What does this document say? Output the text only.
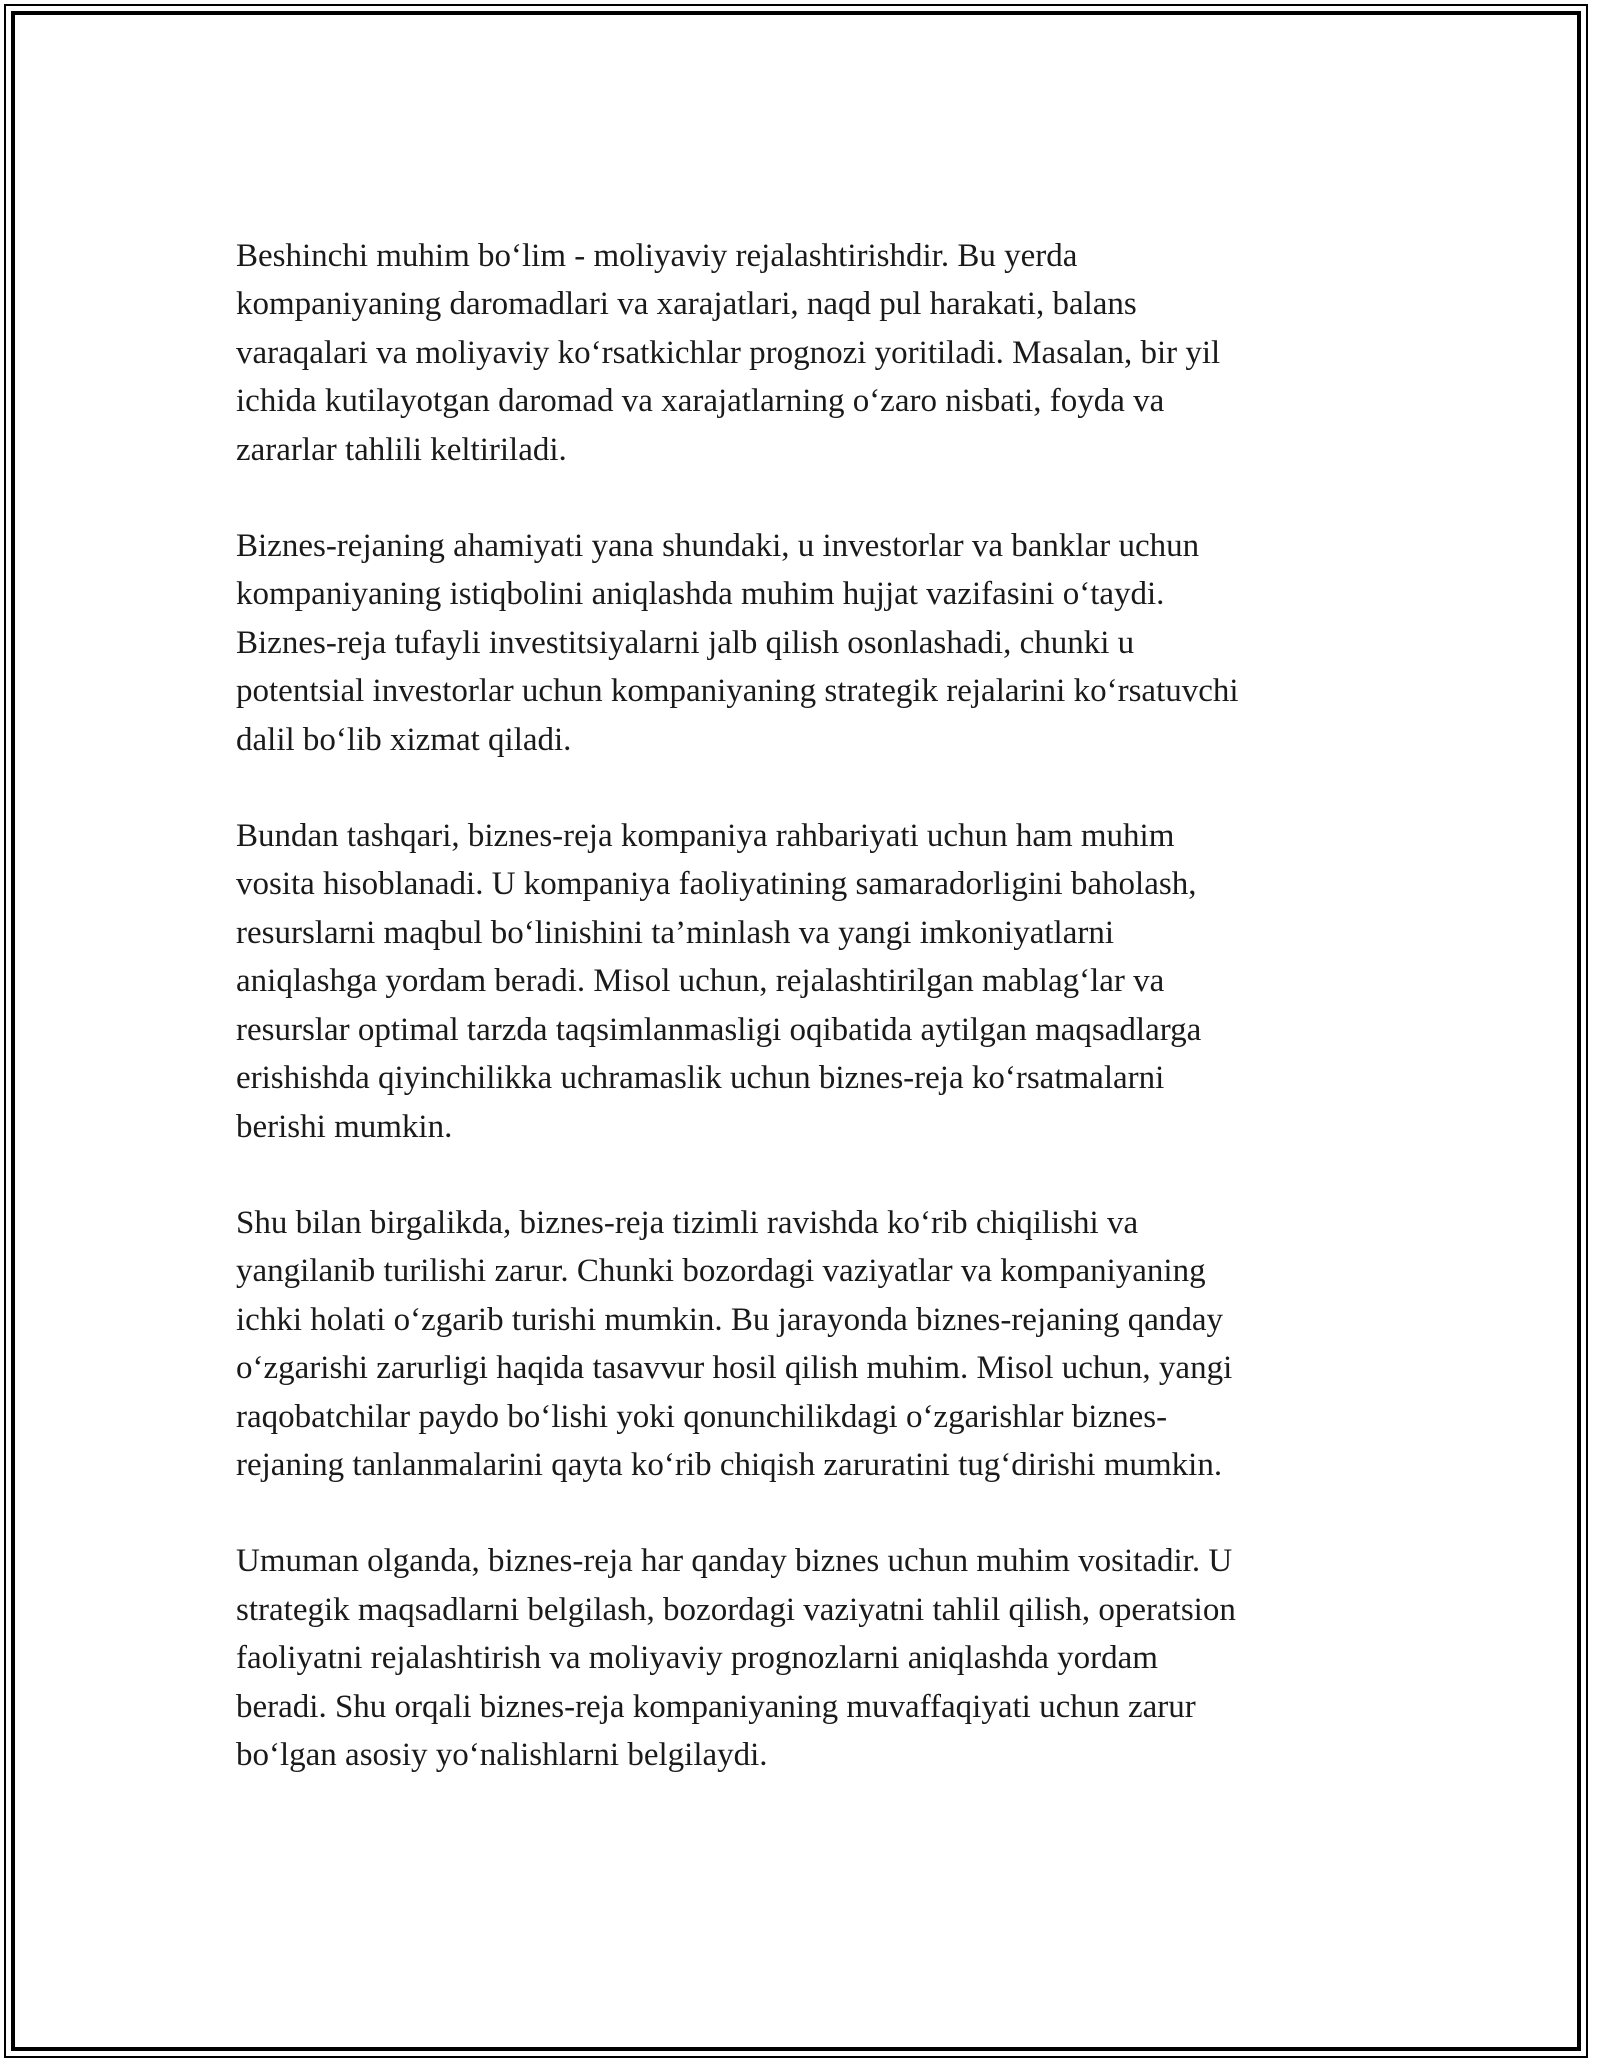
Beshinchi muhim bo‘lim - moliyaviy rejalashtirishdir. Bu yerda
kompaniyaning daromadlari va xarajatlari, naqd pul harakati, balans
varaqalari va moliyaviy ko‘rsatkichlar prognozi yoritiladi. Masalan, bir yil
ichida kutilayotgan daromad va xarajatlarning o‘zaro nisbati, foyda va
zararlar tahlili keltiriladi.

Biznes-rejaning ahamiyati yana shundaki, u investorlar va banklar uchun
kompaniyaning istiqbolini aniqlashda muhim hujjat vazifasini o‘taydi.
Biznes-reja tufayli investitsiyalarni jalb qilish osonlashadi, chunki u
potentsial investorlar uchun kompaniyaning strategik rejalarini ko‘rsatuvchi
dalil bo‘lib xizmat qiladi.

Bundan tashqari, biznes-reja kompaniya rahbariyati uchun ham muhim
vosita hisoblanadi. U kompaniya faoliyatining samaradorligini baholash,
resurslarni maqbul bo‘linishini ta’minlash va yangi imkoniyatlarni
aniqlashga yordam beradi. Misol uchun, rejalashtirilgan mablag‘lar va
resurslar optimal tarzda taqsimlanmasligi oqibatida aytilgan maqsadlarga
erishishda qiyinchilikka uchramaslik uchun biznes-reja ko‘rsatmalarni
berishi mumkin.

Shu bilan birgalikda, biznes-reja tizimli ravishda ko‘rib chiqilishi va
yangilanib turilishi zarur. Chunki bozordagi vaziyatlar va kompaniyaning
ichki holati o‘zgarib turishi mumkin. Bu jarayonda biznes-rejaning qanday
o‘zgarishi zarurligi haqida tasavvur hosil qilish muhim. Misol uchun, yangi
raqobatchilar paydo bo‘lishi yoki qonunchilikdagi o‘zgarishlar biznes-
rejaning tanlanmalarini qayta ko‘rib chiqish zaruratini tug‘dirishi mumkin.

Umuman olganda, biznes-reja har qanday biznes uchun muhim vositadir. U
strategik maqsadlarni belgilash, bozordagi vaziyatni tahlil qilish, operatsion
faoliyatni rejalashtirish va moliyaviy prognozlarni aniqlashda yordam
beradi. Shu orqali biznes-reja kompaniyaning muvaffaqiyati uchun zarur
bo‘lgan asosiy yo‘nalishlarni belgilaydi.
